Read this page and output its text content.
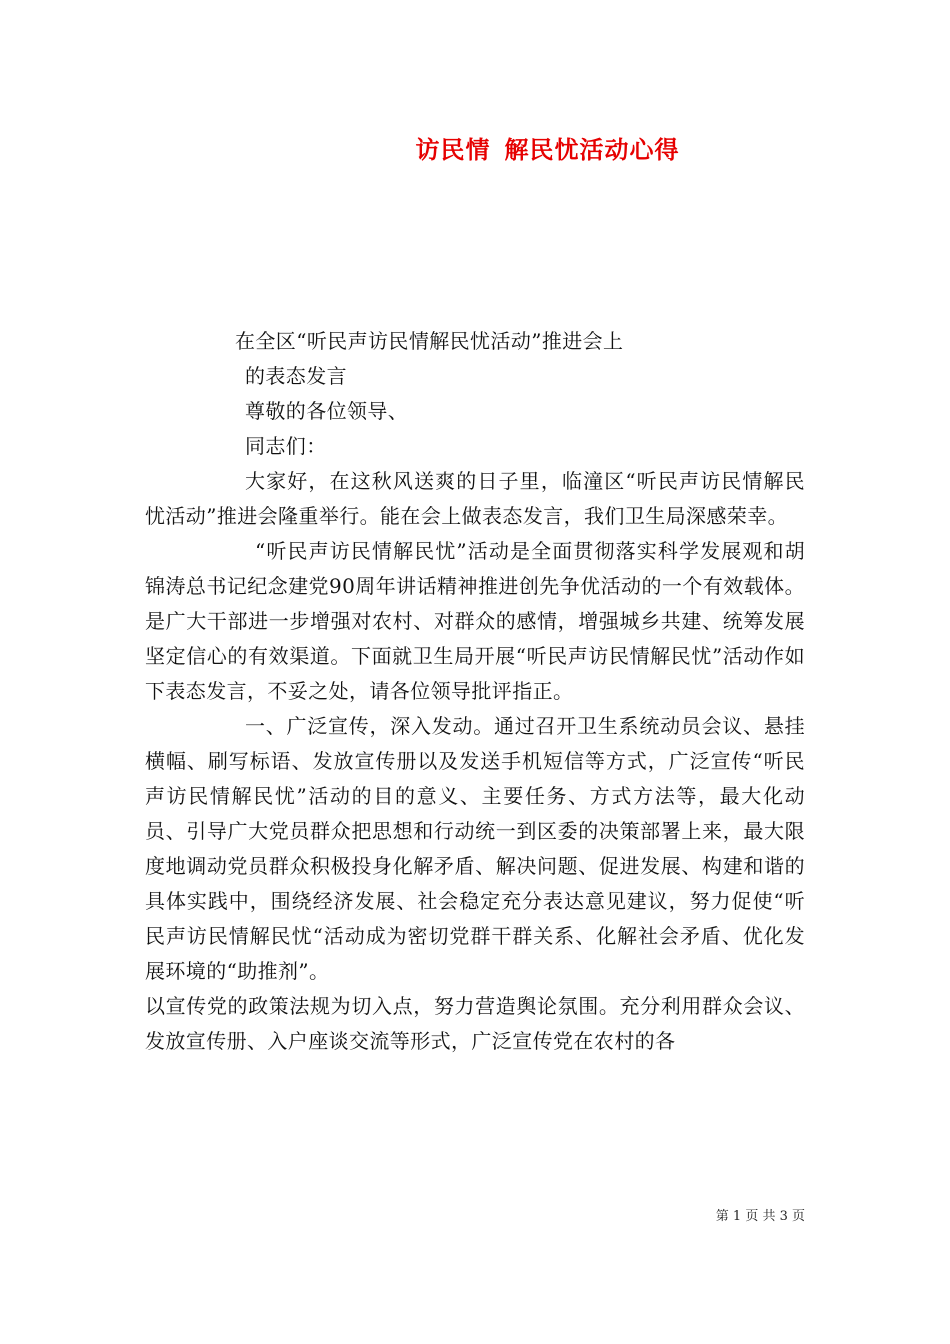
访民情 解民忧活动心得

在全区“听民声访民情解民忧活动”推进会上

的表态发言

尊敬的各位领导、

同志们：

大家好，在这秋风送爽的日子里，临潼区“听民声访民情解民忧活动”推进会隆重举行。能在会上做表态发言，我们卫生局深感荣幸。

“听民声访民情解民忧”活动是全面贯彻落实科学发展观和胡锦涛总书记纪念建党90周年讲话精神推进创先争优活动的一个有效载体。是广大干部进一步增强对农村、对群众的感情，增强城乡共建、统筹发展坚定信心的有效渠道。下面就卫生局开展“听民声访民情解民忧”活动作如下表态发言，不妥之处，请各位领导批评指正。

一、广泛宣传，深入发动。通过召开卫生系统动员会议、悬挂横幅、刷写标语、发放宣传册以及发送手机短信等方式，广泛宣传“听民声访民情解民忧”活动的目的意义、主要任务、方式方法等，最大化动员、引导广大党员群众把思想和行动统一到区委的决策部署上来，最大限度地调动党员群众积极投身化解矛盾、解决问题、促进发展、构建和谐的具体实践中，围绕经济发展、社会稳定充分表达意见建议，努力促使“听民声访民情解民忧“活动成为密切党群干群关系、化解社会矛盾、优化发展环境的“助推剂”。

以宣传党的政策法规为切入点，努力营造舆论氛围。充分利用群众会议、发放宣传册、入户座谈交流等形式，广泛宣传党在农村的各

第 1 页 共 3 页
